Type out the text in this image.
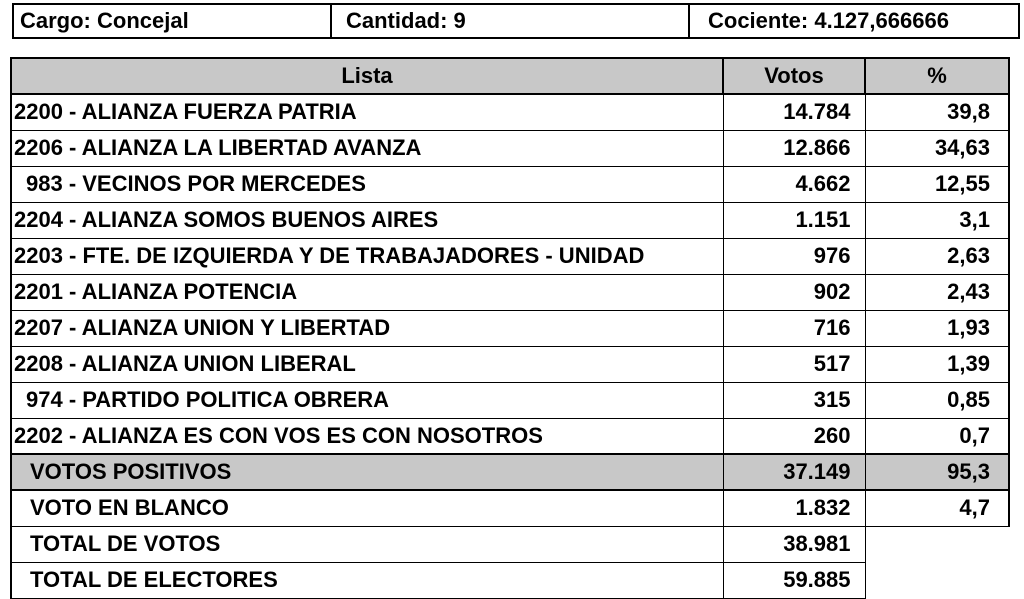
Cargo: Concejal	Cantidad: 9	Cociente: 4.127,666666
Lista	Votos	%
2200 - ALIANZA FUERZA PATRIA	14.784	39,8
2206 - ALIANZA LA LIBERTAD AVANZA	12.866	34,63
983 - VECINOS POR MERCEDES	4.662	12,55
2204 - ALIANZA SOMOS BUENOS AIRES	1.151	3,1
2203 - FTE. DE IZQUIERDA Y DE TRABAJADORES - UNIDAD	976	2,63
2201 - ALIANZA POTENCIA	902	2,43
2207 - ALIANZA UNION Y LIBERTAD	716	1,93
2208 - ALIANZA UNION LIBERAL	517	1,39
974 - PARTIDO POLITICA OBRERA	315	0,85
2202 - ALIANZA ES CON VOS ES CON NOSOTROS	260	0,7
VOTOS POSITIVOS	37.149	95,3
VOTO EN BLANCO	1.832	4,7
TOTAL DE VOTOS	38.981	
TOTAL DE ELECTORES	59.885	
